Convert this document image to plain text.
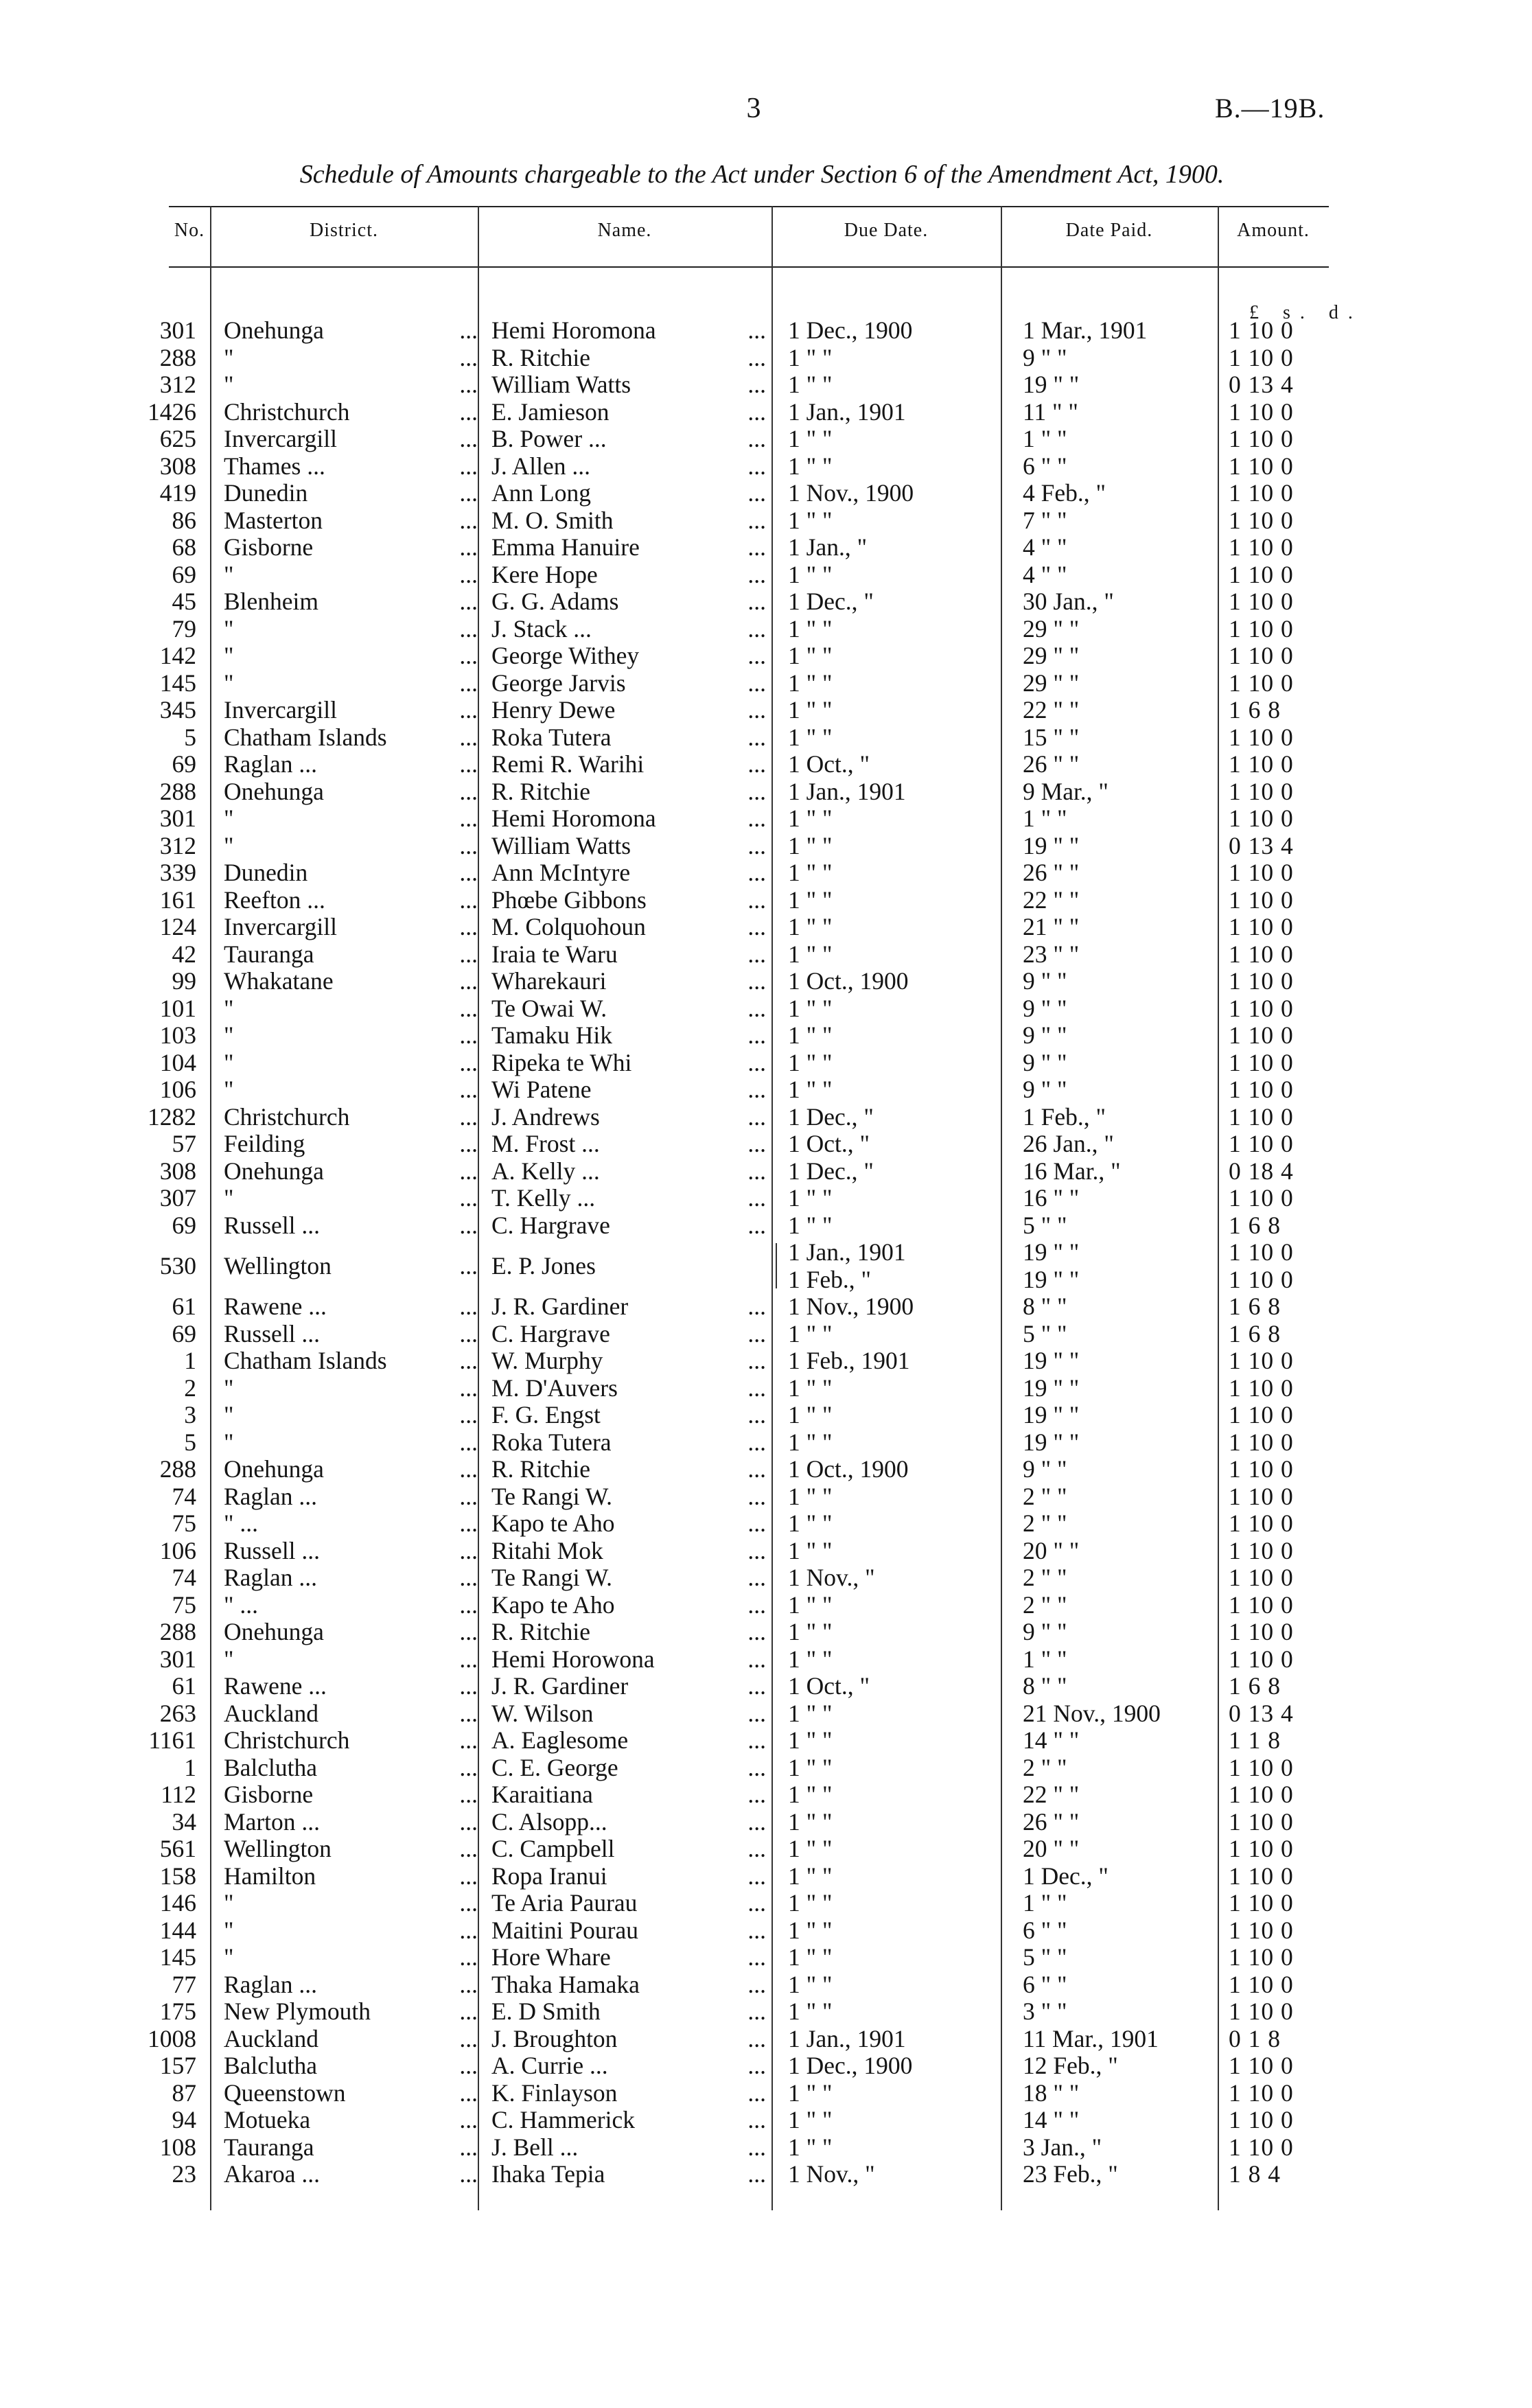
3	B.—19B.
Schedule of Amounts chargeable to the Act under Section 6 of the Amendment Act, 1900.
No.	District.	Name.	Due Date.	Date Paid.	Amount.
£ s. d.
301 Onehunga	... Hemi Horomona	... 1 Dec., 1900	1 Mar., 1901	1 10 0
288 "	... R. Ritchie	... 1 " "	9 " "	1 10 0
312 "	... William Watts	... 1 " "	19 " "	0 13 4
1426 Christchurch	... E. Jamieson	... 1 Jan., 1901	11 " "	1 10 0
625 Invercargill	... B. Power ...	... 1 " "	1 " "	1 10 0
308 Thames ...	... J. Allen ...	... 1 " "	6 " "	1 10 0
419 Dunedin	... Ann Long	... 1 Nov., 1900	4 Feb., "	1 10 0
86 Masterton	... M. O. Smith	... 1 " "	7 " "	1 10 0
68 Gisborne	... Emma Hanuire	... 1 Jan., "	4 " "	1 10 0
69 "	... Kere Hope	... 1 " "	4 " "	1 10 0
45 Blenheim	... G. G. Adams	... 1 Dec., "	30 Jan., "	1 10 0
79 "	... J. Stack ...	... 1 " "	29 " "	1 10 0
142 "	... George Withey	... 1 " "	29 " "	1 10 0
145 "	... George Jarvis	... 1 " "	29 " "	1 10 0
345 Invercargill	... Henry Dewe	... 1 " "	22 " "	1 6 8
5 Chatham Islands	... Roka Tutera	... 1 " "	15 " "	1 10 0
69 Raglan ...	... Remi R. Warihi	... 1 Oct., "	26 " "	1 10 0
288 Onehunga	... R. Ritchie	... 1 Jan., 1901	9 Mar., "	1 10 0
301 "	... Hemi Horomona	... 1 " "	1 " "	1 10 0
312 "	... William Watts	... 1 " "	19 " "	0 13 4
339 Dunedin	... Ann McIntyre	... 1 " "	26 " "	1 10 0
161 Reefton ...	... Phœbe Gibbons	... 1 " "	22 " "	1 10 0
124 Invercargill	... M. Colquohoun	... 1 " "	21 " "	1 10 0
42 Tauranga	... Iraia te Waru	... 1 " "	23 " "	1 10 0
99 Whakatane	... Wharekauri	... 1 Oct., 1900	9 " "	1 10 0
101 "	... Te Owai W.	... 1 " "	9 " "	1 10 0
103 "	... Tamaku Hik	... 1 " "	9 " "	1 10 0
104 "	... Ripeka te Whi	... 1 " "	9 " "	1 10 0
106 "	... Wi Patene	... 1 " "	9 " "	1 10 0
1282 Christchurch	... J. Andrews	... 1 Dec., "	1 Feb., "	1 10 0
57 Feilding	... M. Frost ...	... 1 Oct., "	26 Jan., "	1 10 0
308 Onehunga	... A. Kelly ...	... 1 Dec., "	16 Mar., "	0 18 4
307 "	... T. Kelly ...	... 1 " "	16 " "	1 10 0
69 Russell ...	... C. Hargrave	... 1 " "	5 " "	1 6 8
530 Wellington	... E. P. Jones	1 Jan., 1901	19 " "	1 10 0
1 Feb., "	19 " "	1 10 0
61 Rawene ...	... J. R. Gardiner	... 1 Nov., 1900	8 " "	1 6 8
69 Russell ...	... C. Hargrave	... 1 " "	5 " "	1 6 8
1 Chatham Islands	... W. Murphy	... 1 Feb., 1901	19 " "	1 10 0
2 "	... M. D'Auvers	... 1 " "	19 " "	1 10 0
3 "	... F. G. Engst	... 1 " "	19 " "	1 10 0
5 "	... Roka Tutera	... 1 " "	19 " "	1 10 0
288 Onehunga	... R. Ritchie	... 1 Oct., 1900	9 " "	1 10 0
74 Raglan ...	... Te Rangi W.	... 1 " "	2 " "	1 10 0
75 " ...	... Kapo te Aho	... 1 " "	2 " "	1 10 0
106 Russell ...	... Ritahi Mok	... 1 " "	20 " "	1 10 0
74 Raglan ...	... Te Rangi W.	... 1 Nov., "	2 " "	1 10 0
75 " ...	... Kapo te Aho	... 1 " "	2 " "	1 10 0
288 Onehunga	... R. Ritchie	... 1 " "	9 " "	1 10 0
301 "	... Hemi Horowona	... 1 " "	1 " "	1 10 0
61 Rawene ...	... J. R. Gardiner	... 1 Oct., "	8 " "	1 6 8
263 Auckland	... W. Wilson	... 1 " "	21 Nov., 1900	0 13 4
1161 Christchurch	... A. Eaglesome	... 1 " "	14 " "	1 1 8
1 Balclutha	... C. E. George	... 1 " "	2 " "	1 10 0
112 Gisborne	... Karaitiana	... 1 " "	22 " "	1 10 0
34 Marton ...	... C. Alsopp...	... 1 " "	26 " "	1 10 0
561 Wellington	... C. Campbell	... 1 " "	20 " "	1 10 0
158 Hamilton	... Ropa Iranui	... 1 " "	1 Dec., "	1 10 0
146 "	... Te Aria Paurau	... 1 " "	1 " "	1 10 0
144 "	... Maitini Pourau	... 1 " "	6 " "	1 10 0
145 "	... Hore Whare	... 1 " "	5 " "	1 10 0
77 Raglan ...	... Thaka Hamaka	... 1 " "	6 " "	1 10 0
175 New Plymouth	... E. D Smith	... 1 " "	3 " "	1 10 0
1008 Auckland	... J. Broughton	... 1 Jan., 1901	11 Mar., 1901	0 1 8
157 Balclutha	... A. Currie ...	... 1 Dec., 1900	12 Feb., "	1 10 0
87 Queenstown	... K. Finlayson	... 1 " "	18 " "	1 10 0
94 Motueka	... C. Hammerick	... 1 " "	14 " "	1 10 0
108 Tauranga	... J. Bell ...	... 1 " "	3 Jan., "	1 10 0
23 Akaroa ...	... Ihaka Tepia	... 1 Nov., "	23 Feb., "	1 8 4
